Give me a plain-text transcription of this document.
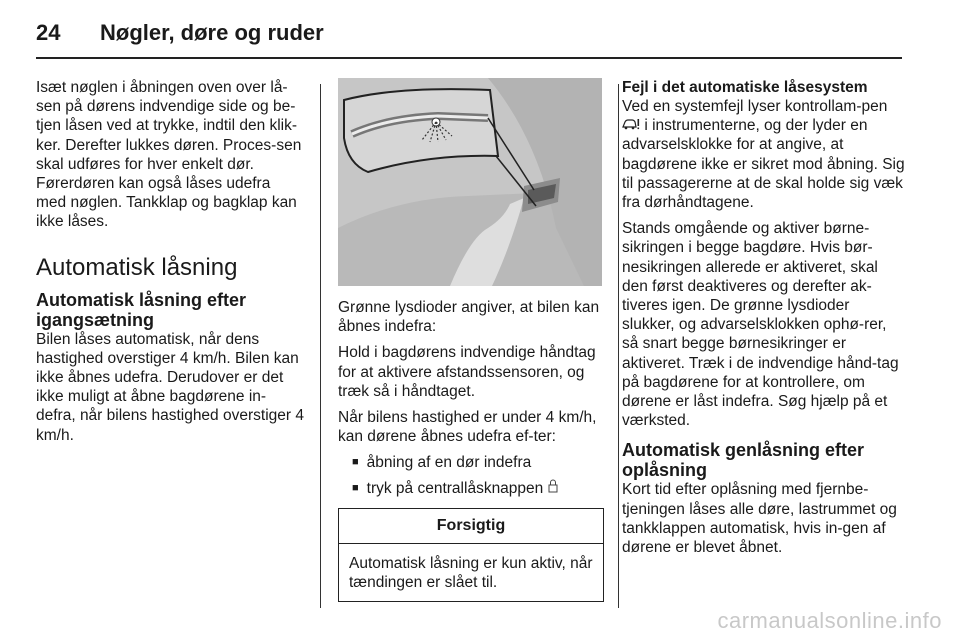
24 Nøgler, døre og ruder

Isæt nøglen i åbningen oven over lå-sen på dørens indvendige side og be-tjen låsen ved at trykke, indtil den klik-ker. Derefter lukkes døren. Proces-sen skal udføres for hver enkelt dør. Førerdøren kan også låses udefra med nøglen. Tankklap og bagklap kan ikke låses.

Automatisk låsning
Automatisk låsning efter igangsætning

Bilen låses automatisk, når dens hastighed overstiger 4 km/h. Bilen kan ikke åbnes udefra. Derudover er det ikke muligt at åbne bagdørene in-defra, når bilens hastighed overstiger 4 km/h.

Grønne lysdioder angiver, at bilen kan åbnes indefra:

Hold i bagdørens indvendige håndtag for at aktivere afstandssensoren, og træk så i håndtaget.

Når bilens hastighed er under 4 km/h, kan dørene åbnes udefra ef-ter:

■ åbning af en dør indefra
■ tryk på centrallåsknappen
Forsigtig
Automatisk låsning er kun aktiv, når tændingen er slået til.
Fejl i det automatiske låsesystem

Ved en systemfejl lyser kontrollam-pen  i instrumenterne, og der lyder en advarselsklokke for at angive, at bagdørene ikke er sikret mod åbning. Sig til passagererne at de skal holde sig væk fra dørhåndtagene.

Stands omgående og aktiver børne-sikringen i begge bagdøre. Hvis bør-nesikringen allerede er aktiveret, skal den først deaktiveres og derefter ak-tiveres igen. De grønne lysdioder slukker, og advarselsklokken ophø-rer, så snart begge børnesikringer er aktiveret. Træk i de indvendige hånd-tag på bagdørene for at kontrollere, om dørene er låst indefra. Søg hjælp på et værksted.

Automatisk genlåsning efter oplåsning

Kort tid efter oplåsning med fjernbe-tjeningen låses alle døre, lastrummet og tankklappen automatisk, hvis in-gen af dørene er blevet åbnet.

carmanualsonline.info
